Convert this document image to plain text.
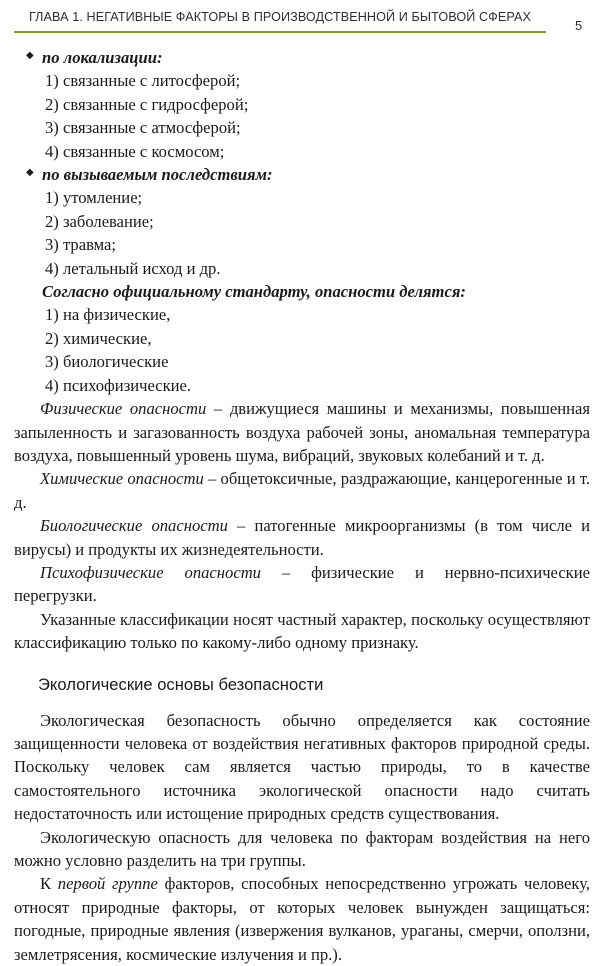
ГЛАВА 1. НЕГАТИВНЫЕ ФАКТОРЫ В ПРОИЗВОДСТВЕННОЙ И БЫТОВОЙ СФЕРАХ
5
◆ по локализации:
1) связанные с литосферой;
2) связанные с гидросферой;
3) связанные с атмосферой;
4) связанные с космосом;
◆ по вызываемым последствиям:
1) утомление;
2) заболевание;
3) травма;
4) летальный исход и др.
Согласно официальному стандарту, опасности делятся:
1) на физические,
2) химические,
3) биологические
4) психофизические.

Физические опасности – движущиеся машины и механизмы, повышенная запыленность и загазованность воздуха рабочей зоны, аномальная температура воздуха, повышенный уровень шума, вибраций, звуковых колебаний и т. д.

Химические опасности – общетоксичные, раздражающие, канцерогенные и т. д.

Биологические опасности – патогенные микроорганизмы (в том числе и вирусы) и продукты их жизнедеятельности.

Психофизические опасности – физические и нервно-психические перегрузки.

Указанные классификации носят частный характер, поскольку осуществляют классификацию только по какому-либо одному признаку.

Экологические основы безопасности

Экологическая безопасность обычно определяется как состояние защищенности человека от воздействия негативных факторов природной среды. Поскольку человек сам является частью природы, то в качестве самостоятельного источника экологической опасности надо считать недостаточность или истощение природных средств существования.

Экологическую опасность для человека по факторам воздействия на него можно условно разделить на три группы.

К первой группе факторов, способных непосредственно угрожать человеку, относят природные факторы, от которых человек вынужден защищаться: погодные, природные явления (извержения вулканов, ураганы, смерчи, оползни, землетрясения, космические излучения и пр.).
